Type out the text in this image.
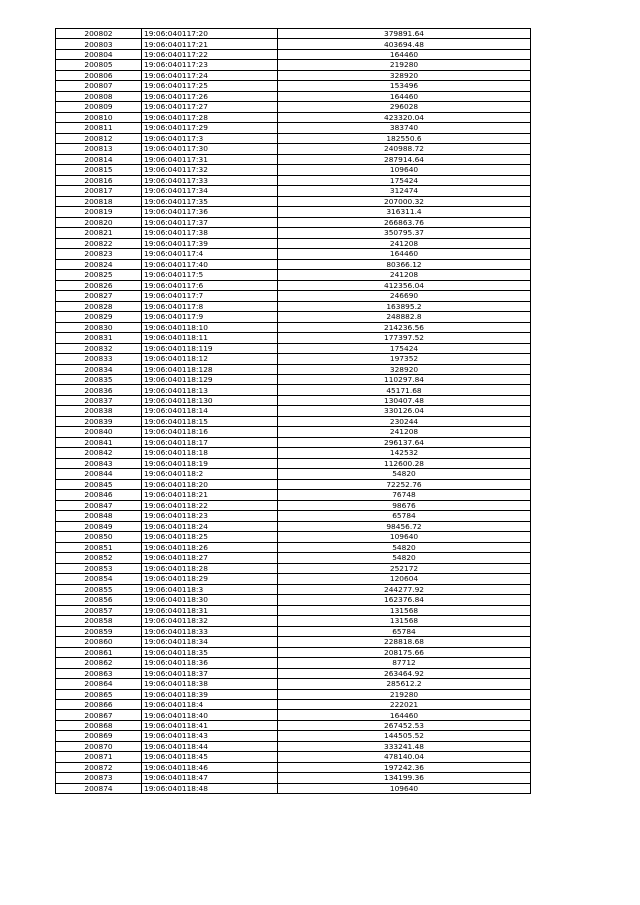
200802	19:06:040117:20	379891.64
200803	19:06:040117:21	403694.48
200804	19:06:040117:22	164460
200805	19:06:040117:23	219280
200806	19:06:040117:24	328920
200807	19:06:040117:25	153496
200808	19:06:040117:26	164460
200809	19:06:040117:27	296028
200810	19:06:040117:28	423320.04
200811	19:06:040117:29	383740
200812	19:06:040117:3	182550.6
200813	19:06:040117:30	240988.72
200814	19:06:040117:31	287914.64
200815	19:06:040117:32	109640
200816	19:06:040117:33	175424
200817	19:06:040117:34	312474
200818	19:06:040117:35	207000.32
200819	19:06:040117:36	316311.4
200820	19:06:040117:37	266863.76
200821	19:06:040117:38	350795.37
200822	19:06:040117:39	241208
200823	19:06:040117:4	164460
200824	19:06:040117:40	80366.12
200825	19:06:040117:5	241208
200826	19:06:040117:6	412356.04
200827	19:06:040117:7	246690
200828	19:06:040117:8	163895.2
200829	19:06:040117:9	248882.8
200830	19:06:040118:10	214236.56
200831	19:06:040118:11	177397.52
200832	19:06:040118:119	175424
200833	19:06:040118:12	197352
200834	19:06:040118:128	328920
200835	19:06:040118:129	110297.84
200836	19:06:040118:13	45171.68
200837	19:06:040118:130	130407.48
200838	19:06:040118:14	330126.04
200839	19:06:040118:15	230244
200840	19:06:040118:16	241208
200841	19:06:040118:17	296137.64
200842	19:06:040118:18	142532
200843	19:06:040118:19	112600.28
200844	19:06:040118:2	54820
200845	19:06:040118:20	72252.76
200846	19:06:040118:21	76748
200847	19:06:040118:22	98676
200848	19:06:040118:23	65784
200849	19:06:040118:24	98456.72
200850	19:06:040118:25	109640
200851	19:06:040118:26	54820
200852	19:06:040118:27	54820
200853	19:06:040118:28	252172
200854	19:06:040118:29	120604
200855	19:06:040118:3	244277.92
200856	19:06:040118:30	162376.84
200857	19:06:040118:31	131568
200858	19:06:040118:32	131568
200859	19:06:040118:33	65784
200860	19:06:040118:34	228818.68
200861	19:06:040118:35	208175.66
200862	19:06:040118:36	87712
200863	19:06:040118:37	263464.92
200864	19:06:040118:38	285612.2
200865	19:06:040118:39	219280
200866	19:06:040118:4	222021
200867	19:06:040118:40	164460
200868	19:06:040118:41	267452.53
200869	19:06:040118:43	144505.52
200870	19:06:040118:44	333241.48
200871	19:06:040118:45	478140.04
200872	19:06:040118:46	197242.36
200873	19:06:040118:47	134199.36
200874	19:06:040118:48	109640
